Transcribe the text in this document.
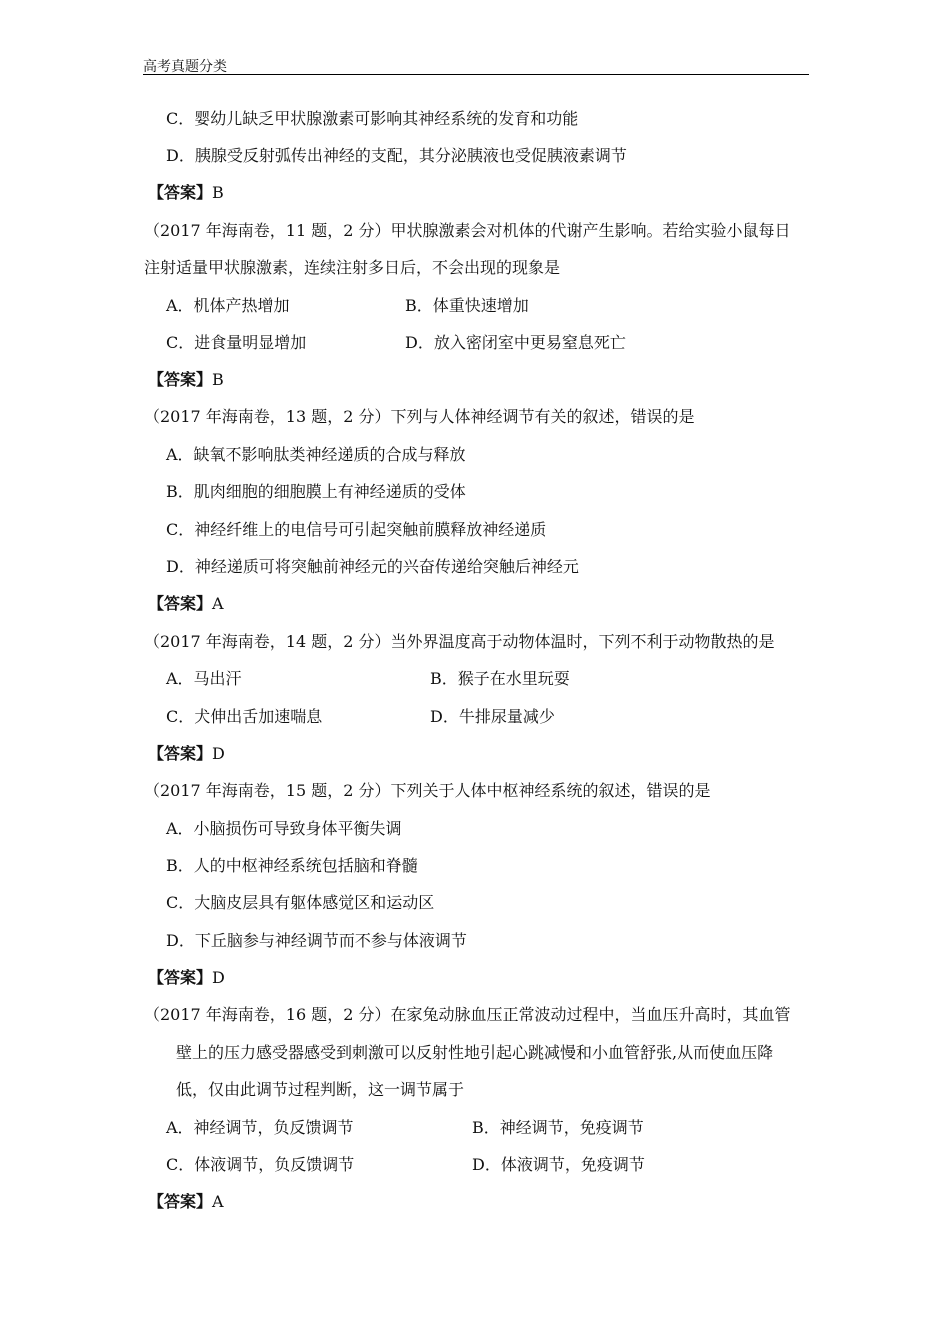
高考真题分类
C．婴幼儿缺乏甲状腺激素可影响其神经系统的发育和功能
D．胰腺受反射弧传出神经的支配，其分泌胰液也受促胰液素调节
【答案】B
（2017 年海南卷，11 题，2 分）甲状腺激素会对机体的代谢产生影响。若给实验小鼠每日
注射适量甲状腺激素，连续注射多日后，不会出现的现象是
A．机体产热增加	B．体重快速增加
C．进食量明显增加	D．放入密闭室中更易窒息死亡
【答案】B
（2017 年海南卷，13 题，2 分）下列与人体神经调节有关的叙述，错误的是
A．缺氧不影响肽类神经递质的合成与释放
B．肌肉细胞的细胞膜上有神经递质的受体
C．神经纤维上的电信号可引起突触前膜释放神经递质
D．神经递质可将突触前神经元的兴奋传递给突触后神经元
【答案】A
（2017 年海南卷，14 题，2 分）当外界温度高于动物体温时，下列不利于动物散热的是
A．马出汗	B．猴子在水里玩耍
C．犬伸出舌加速喘息	D．牛排尿量减少
【答案】D
（2017 年海南卷，15 题，2 分）下列关于人体中枢神经系统的叙述，错误的是
A．小脑损伤可导致身体平衡失调
B．人的中枢神经系统包括脑和脊髓
C．大脑皮层具有躯体感觉区和运动区
D．下丘脑参与神经调节而不参与体液调节
【答案】D
（2017 年海南卷，16 题，2 分）在家兔动脉血压正常波动过程中，当血压升高时，其血管
壁上的压力感受器感受到刺激可以反射性地引起心跳减慢和小血管舒张,从而使血压降
低，仅由此调节过程判断，这一调节属于
A．神经调节，负反馈调节	B．神经调节，免疫调节
C．体液调节，负反馈调节	D．体液调节，免疫调节
【答案】A
